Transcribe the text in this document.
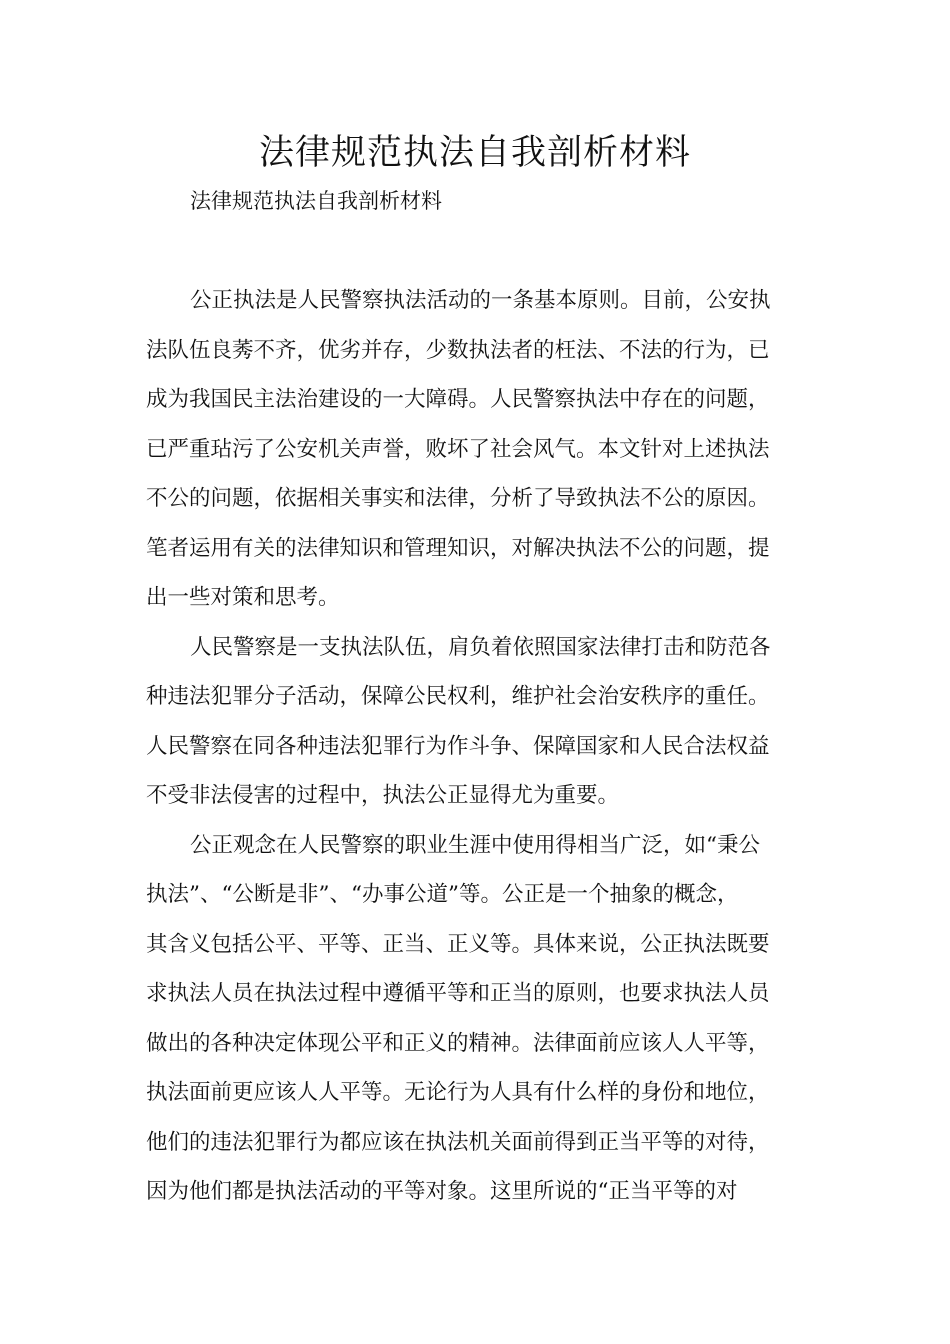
法律规范执法自我剖析材料

法律规范执法自我剖析材料

公正执法是人民警察执法活动的一条基本原则。目前，公安执
法队伍良莠不齐，优劣并存，少数执法者的枉法、不法的行为，已
成为我国民主法治建设的一大障碍。人民警察执法中存在的问题，
已严重玷污了公安机关声誉，败坏了社会风气。本文针对上述执法
不公的问题，依据相关事实和法律，分析了导致执法不公的原因。
笔者运用有关的法律知识和管理知识，对解决执法不公的问题，提
出一些对策和思考。

人民警察是一支执法队伍，肩负着依照国家法律打击和防范各
种违法犯罪分子活动，保障公民权利，维护社会治安秩序的重任。
人民警察在同各种违法犯罪行为作斗争、保障国家和人民合法权益
不受非法侵害的过程中，执法公正显得尤为重要。

公正观念在人民警察的职业生涯中使用得相当广泛，如“秉公
执法”、“公断是非”、“办事公道”等。公正是一个抽象的概念，
其含义包括公平、平等、正当、正义等。具体来说，公正执法既要
求执法人员在执法过程中遵循平等和正当的原则，也要求执法人员
做出的各种决定体现公平和正义的精神。法律面前应该人人平等，
执法面前更应该人人平等。无论行为人具有什么样的身份和地位，
他们的违法犯罪行为都应该在执法机关面前得到正当平等的对待，
因为他们都是执法活动的平等对象。这里所说的“正当平等的对
